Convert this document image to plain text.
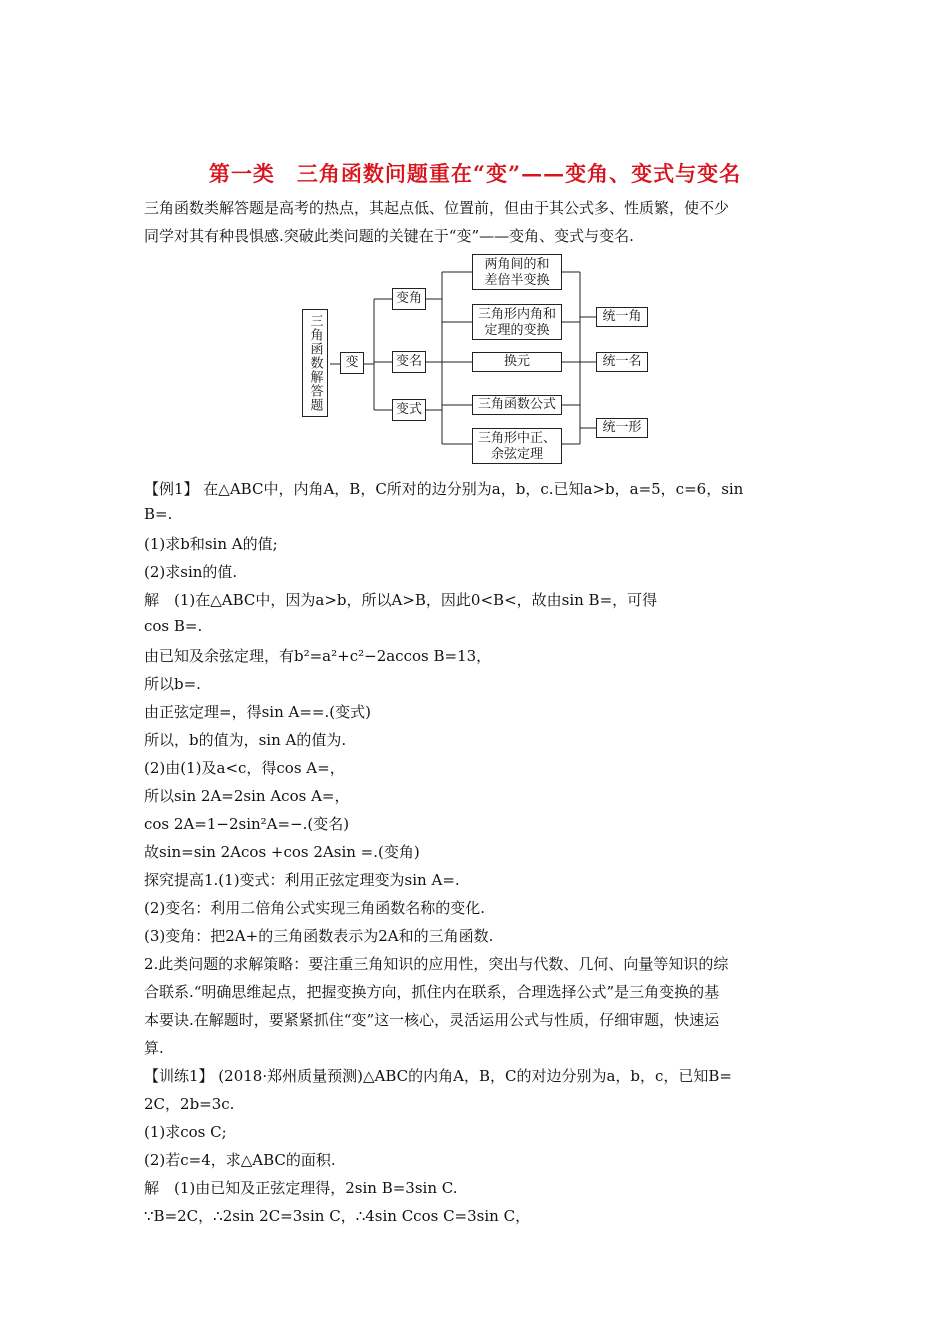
第一类　三角函数问题重在“变”——变角、变式与变名
三角函数类解答题是高考的热点，其起点低、位置前，但由于其公式多、性质繁，使不少
同学对其有种畏惧感.突破此类问题的关键在于“变”——变角、变式与变名.
三角函数解答题	变
变角
变名
变式
两角间的和
差倍半变换
三角形内角和
定理的变换
换元
三角函数公式
三角形中正、
余弦定理
统一角
统一名
统一形
【例1】 在△ABC中，内角A，B，C所对的边分别为a，b，c.已知a>b，a=5，c=6，sin
B=.
(1)求b和sin A的值;
(2)求sin的值.
解　(1)在△ABC中，因为a>b，所以A>B，因此0<B<，故由sin B=，可得
cos B=.
由已知及余弦定理，有b²=a²+c²−2accos B=13，
所以b=.
由正弦定理=，得sin A==.(变式)
所以，b的值为，sin A的值为.
(2)由(1)及a<c，得cos A=，
所以sin 2A=2sin Acos A=，
cos 2A=1−2sin²A=−.(变名)
故sin=sin 2Acos +cos 2Asin =.(变角)
探究提高1.(1)变式：利用正弦定理变为sin A=.
(2)变名：利用二倍角公式实现三角函数名称的变化.
(3)变角：把2A+的三角函数表示为2A和的三角函数.
2.此类问题的求解策略：要注重三角知识的应用性，突出与代数、几何、向量等知识的综
合联系.“明确思维起点，把握变换方向，抓住内在联系，合理选择公式”是三角变换的基
本要诀.在解题时，要紧紧抓住“变”这一核心，灵活运用公式与性质，仔细审题，快速运
算.
【训练1】 (2018·郑州质量预测)△ABC的内角A，B，C的对边分别为a，b，c，已知B=
2C，2b=3c.
(1)求cos C;
(2)若c=4，求△ABC的面积.
解　(1)由已知及正弦定理得，2sin B=3sin C.
∵B=2C，∴2sin 2C=3sin C，∴4sin Ccos C=3sin C，
